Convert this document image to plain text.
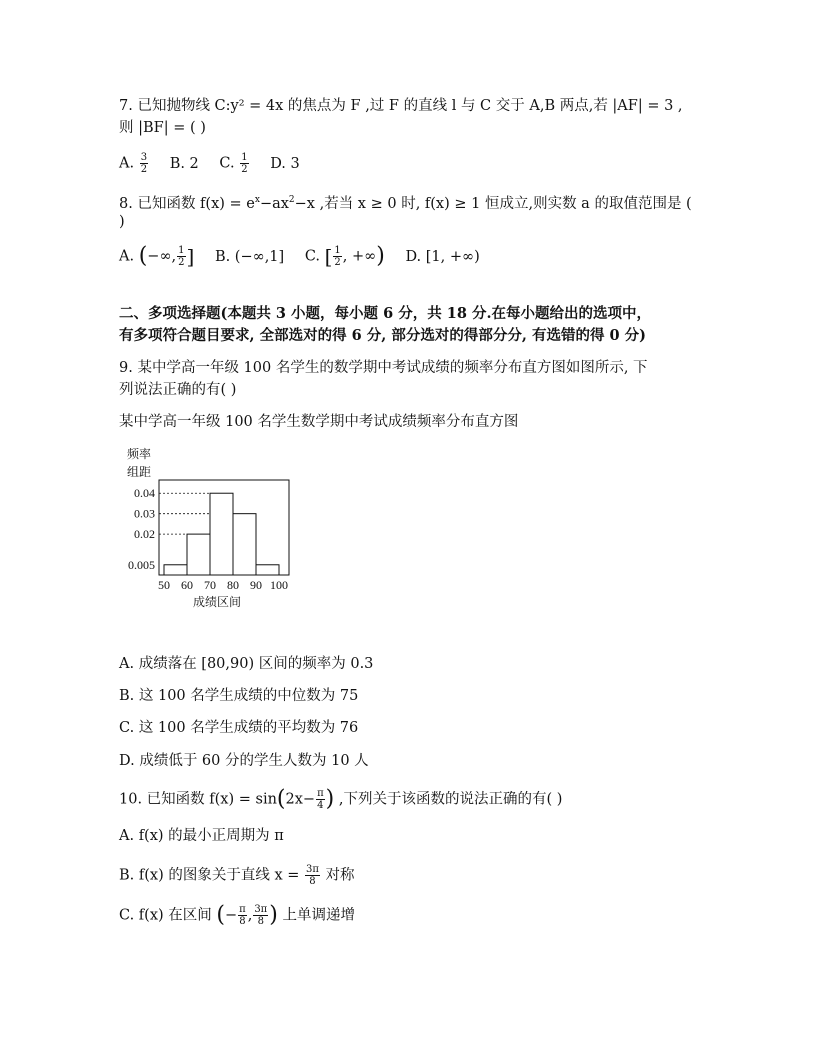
7. 已知抛物线 C:y² = 4x 的焦点为 F ,过 F 的直线 l 与 C 交于 A,B 两点,若 |AF| = 3 ,
则 |BF| = ( )
A. $\frac{3}{2} B$. 2 C. $\frac{1}{2} D$. 3
8. 已知函数 $f(x) = e^x-ax^2-x$ ,若当 x ≥ 0 时, f(x) ≥ 1 恒成立,则实数 a 的取值范围是 (
)
A. (−∞, $\frac{1}{2}$ ] B. (−∞,1] C. [ $\frac{1}{2}$ , +∞) D. [1, +∞)
二、多项选择题(本题共 3 小题，每小题 6 分，共 18 分.在每小题给出的选项中，
有多项符合题目要求, 全部选对的得 6 分, 部分选对的得部分分, 有选错的得 0 分)
9. 某中学高一年级 100 名学生的数学期中考试成绩的频率分布直方图如图所示, 下
列说法正确的有( )
某中学高一年级 100 名学生数学期中考试成绩频率分布直方图
频率
组距
0.04
0.03
0.02
0.005
50 60 70 80 90 100
成绩区间
A. 成绩落在 [80,90) 区间的频率为 0.3
B. 这 100 名学生成绩的中位数为 75
C. 这 100 名学生成绩的平均数为 76
D. 成绩低于 60 分的学生人数为 10 人
10. 已知函数 $f(x) = \sin(2x- \frac{\pi}{4}$ ) ,下列关于该函数的说法正确的有( )
A. f(x) 的最小正周期为 π
B. f(x) 的图象关于直线 $x = \frac{3\pi}{8}$ 对称
C. f(x) 在区间 (− $\frac{\pi}{8}$ , $\frac{3\pi}{8}$ ) 上单调递增
